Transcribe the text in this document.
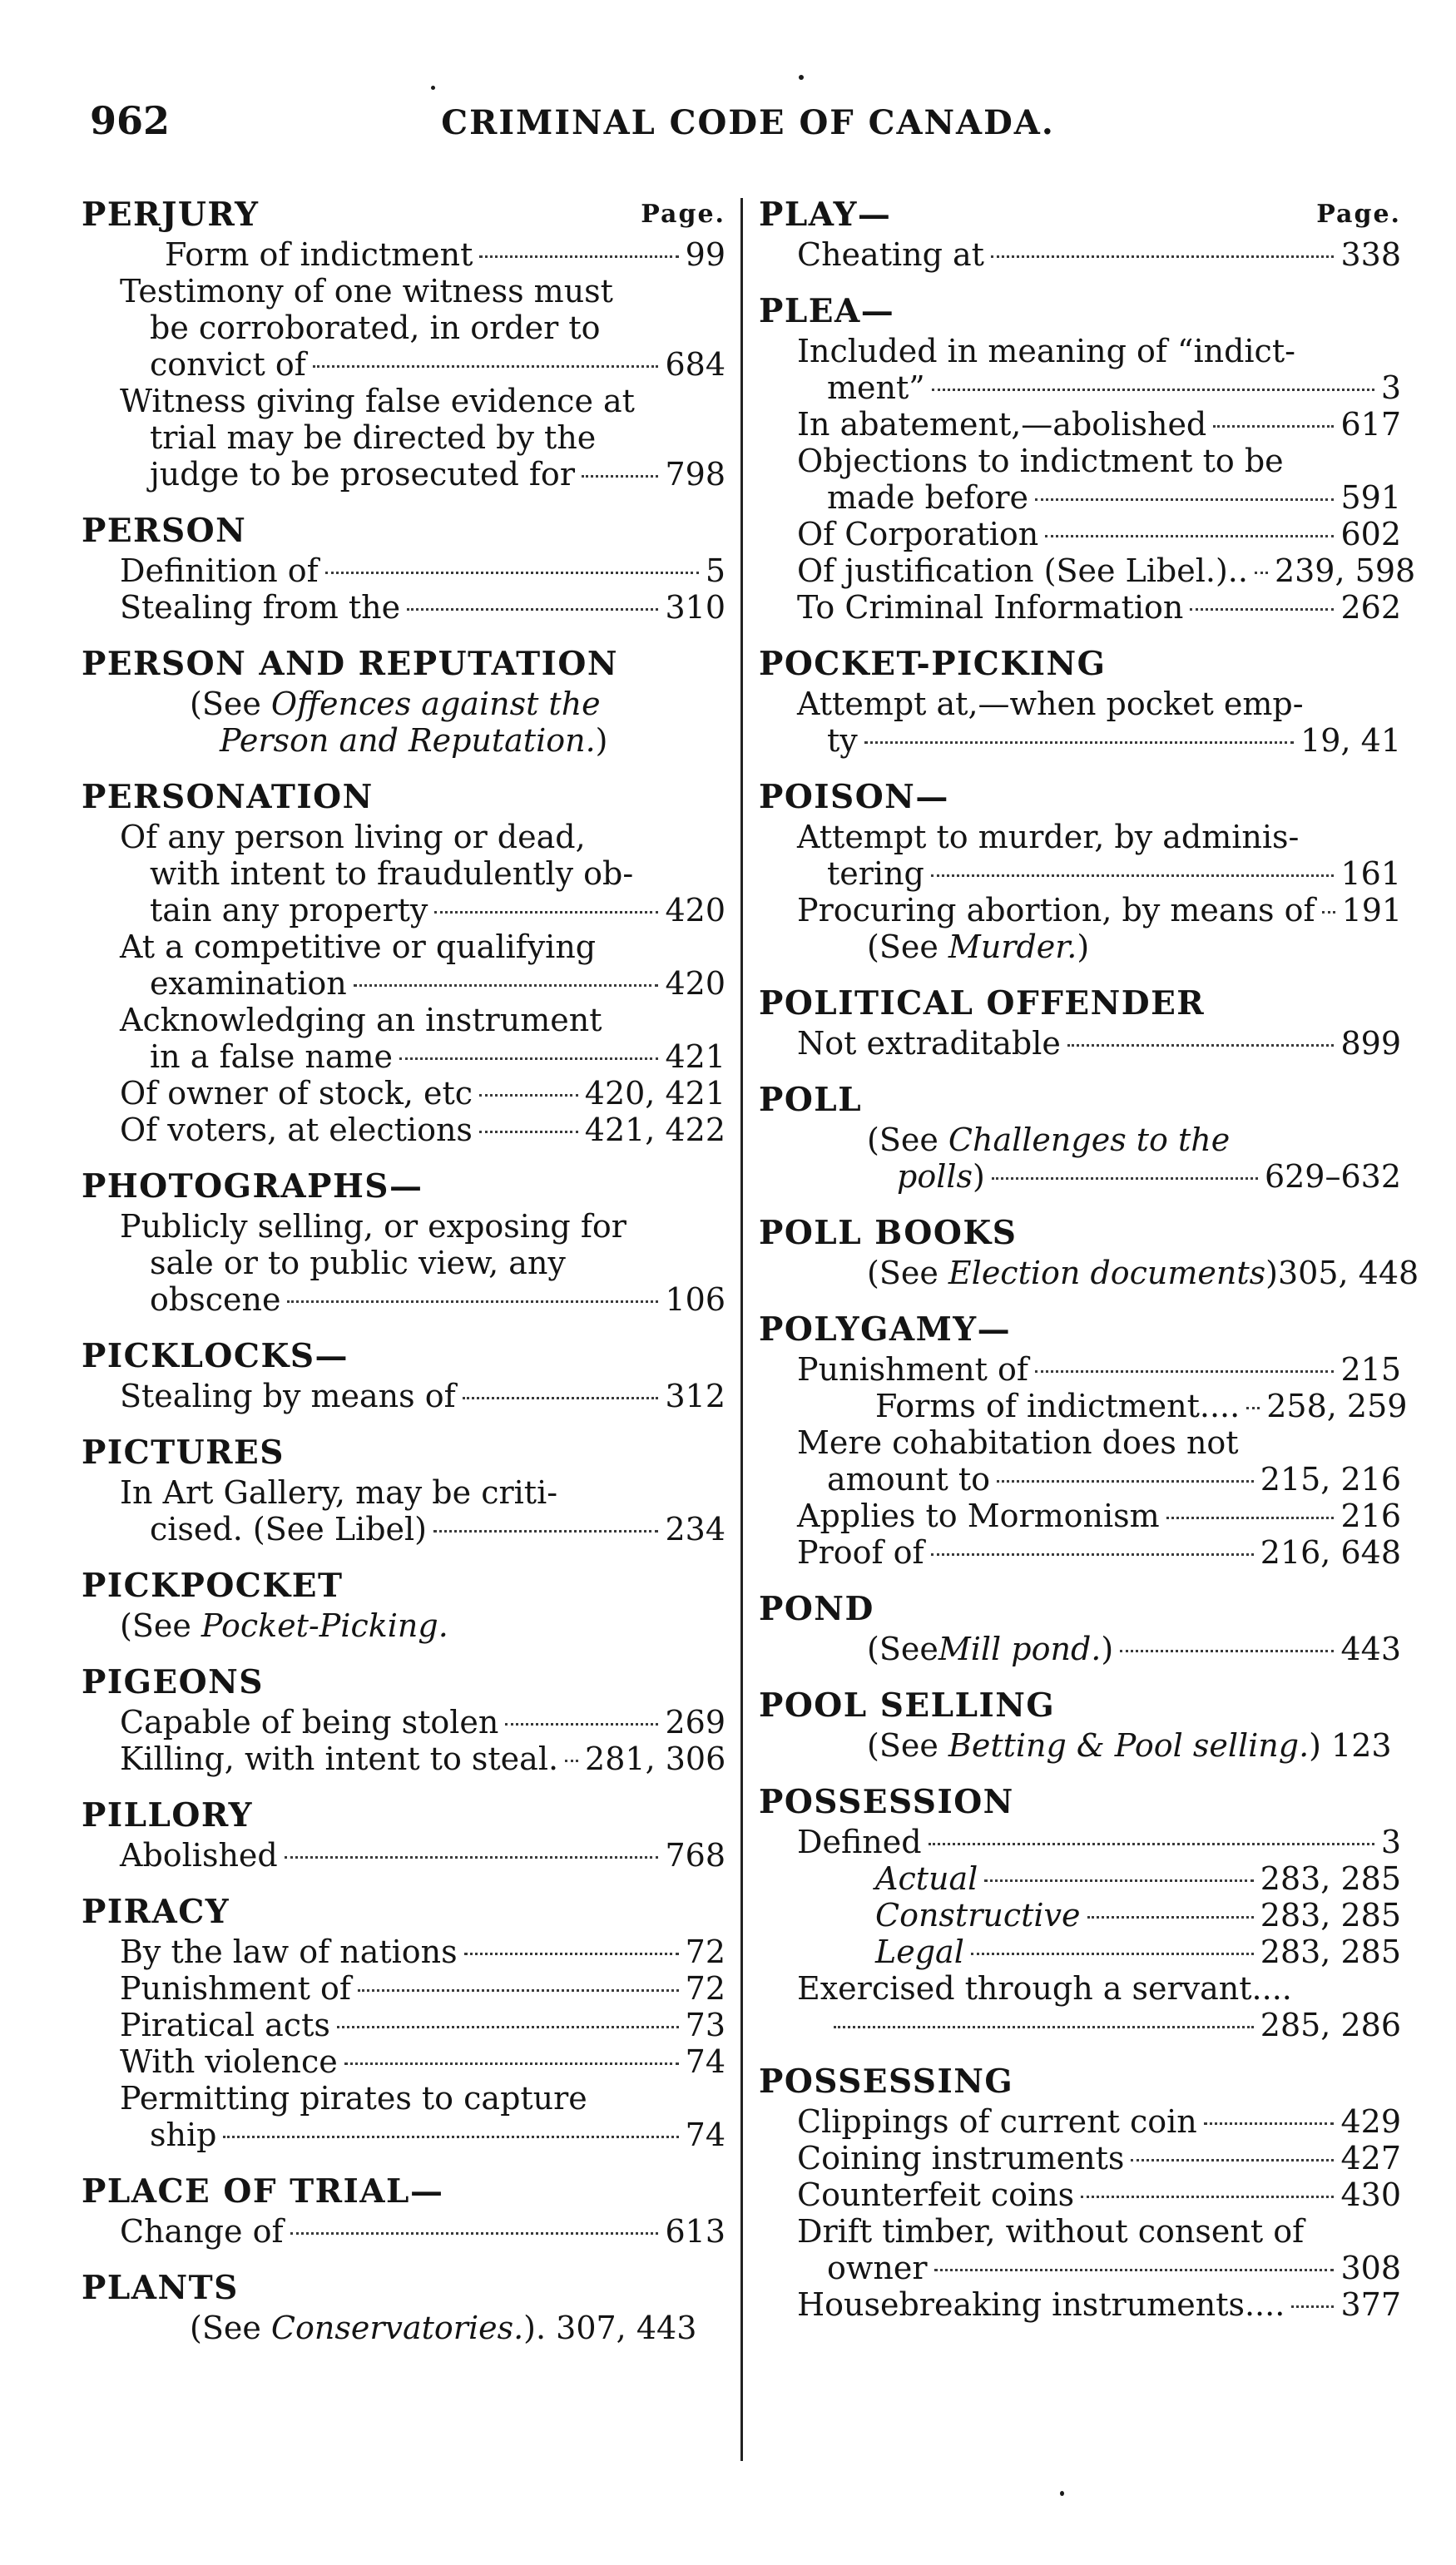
962	CRIMINAL CODE OF CANADA.
Page.
PERJURY
Form of indictment	99
Testimony of one witness must
be corroborated, in order to
convict of	684
Witness giving false evidence at
trial may be directed by the
judge to be prosecuted for	798
PERSON
Definition of	5
Stealing from the	310
PERSON AND REPUTATION
(See Offences against the
Person and Reputation.)
PERSONATION
Of any person living or dead,
with intent to fraudulently ob-
tain any property	420
At a competitive or qualifying
examination	420
Acknowledging an instrument
in a false name	421
Of owner of stock, etc	420, 421
Of voters, at elections	421, 422
PHOTOGRAPHS—
Publicly selling, or exposing for
sale or to public view, any
obscene	106
PICKLOCKS—
Stealing by means of	312
PICTURES
In Art Gallery, may be criti-
cised. (See Libel)	234
PICKPOCKET
(See Pocket-Picking.
PIGEONS
Capable of being stolen	269
Killing, with intent to steal. 281, 306
PILLORY
Abolished	768
PIRACY
By the law of nations	72
Punishment of	72
Piratical acts	73
With violence	74
Permitting pirates to capture
ship	74
PLACE OF TRIAL—
Change of	613
PLANTS
(See Conservatories.). 307, 443
Page.
PLAY—
Cheating at	338
PLEA—
Included in meaning of “indict-
ment”	3
In abatement,—abolished	617
Objections to indictment to be
made before	591
Of Corporation	602
Of justification (See Libel.).. 239, 598
To Criminal Information	262
POCKET-PICKING
Attempt at,—when pocket emp-
ty	19, 41
POISON—
Attempt to murder, by adminis-
tering	161
Procuring abortion, by means of 191
(See Murder.)
POLITICAL OFFENDER
Not extraditable	899
POLL
(See Challenges to the
polls )	629–632
POLL BOOKS
(See Election documents)305, 448
POLYGAMY—
Punishment of	215
Forms of indictment.... 258, 259
Mere cohabitation does not
amount to	215, 216
Applies to Mormonism	216
Proof of	216, 648
POND
(See Mill pond. )	443
POOL SELLING
(See Betting & Pool selling.) 123
POSSESSION
Defined	3
Actual	283, 285
Constructive	283, 285
Legal	283, 285
Exercised through a servant....
285, 286
POSSESSING
Clippings of current coin	429
Coining instruments	427
Counterfeit coins	430
Drift timber, without consent of
owner	308
Housebreaking instruments.... 377
